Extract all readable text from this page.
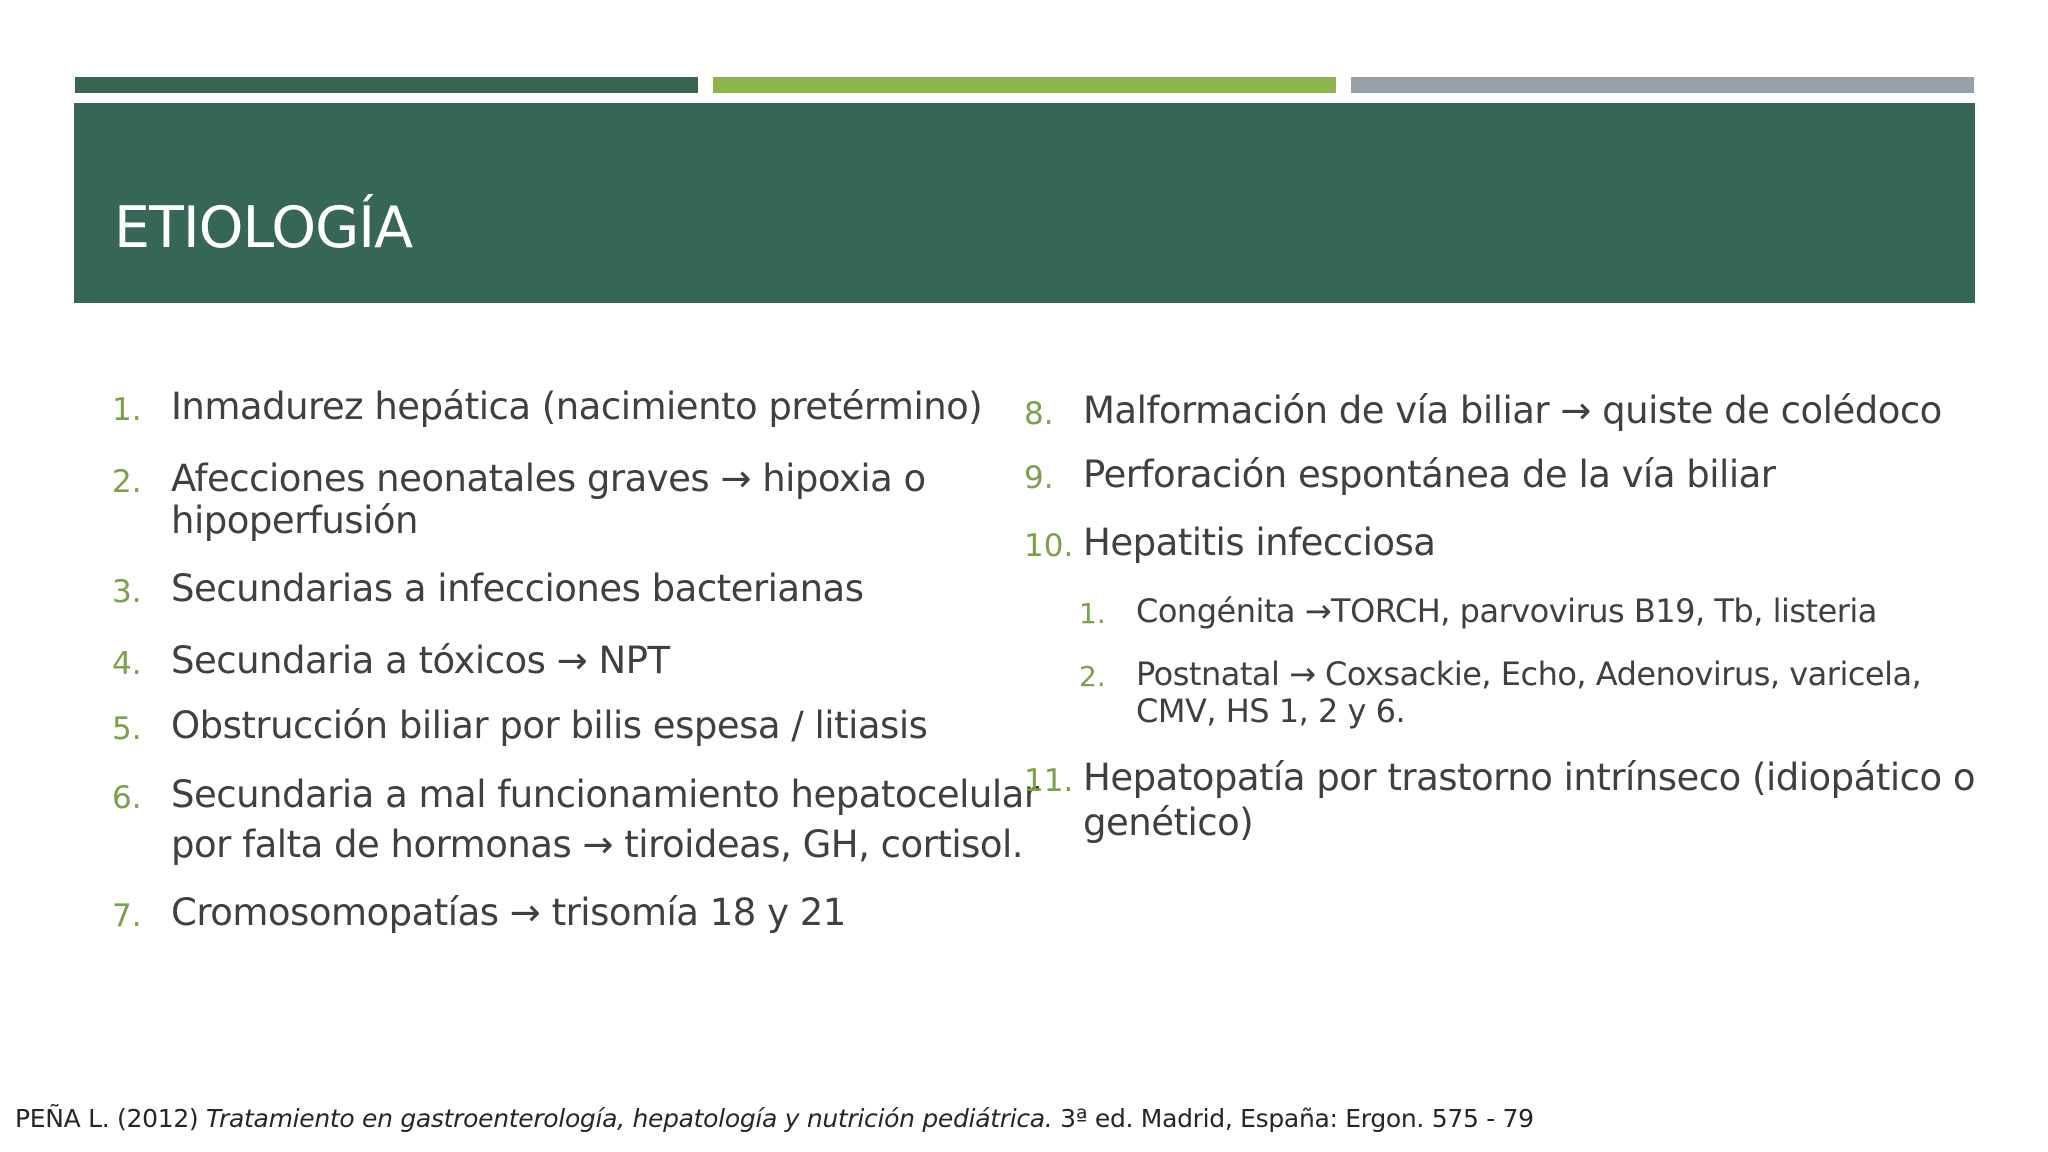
ETIOLOGÍA
1. Inmadurez hepática (nacimiento pretérmino)
2. Afecciones neonatales graves → hipoxia o
hipoperfusión
3. Secundarias a infecciones bacterianas
4. Secundaria a tóxicos → NPT
5. Obstrucción biliar por bilis espesa / litiasis
6. Secundaria a mal funcionamiento hepatocelular
por falta de hormonas → tiroideas, GH, cortisol.
7. Cromosomopatías → trisomía 18 y 21
8. Malformación de vía biliar → quiste de colédoco
9. Perforación espontánea de la vía biliar
10. Hepatitis infecciosa
1. Congénita →TORCH, parvovirus B19, Tb, listeria
2. Postnatal → Coxsackie, Echo, Adenovirus, varicela,
CMV, HS 1, 2 y 6.
11. Hepatopatía por trastorno intrínseco (idiopático o
genético)
PEÑA L. (2012) Tratamiento en gastroenterología, hepatología y nutrición pediátrica. 3ª ed. Madrid, España: Ergon. 575 - 79
